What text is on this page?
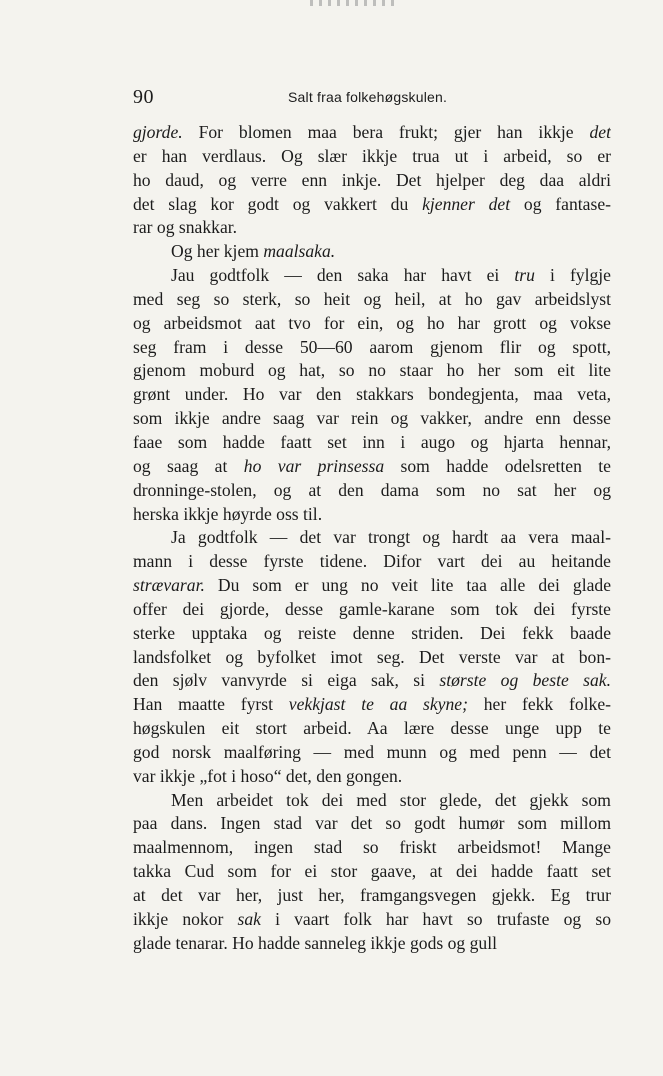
90	Salt fraa folkehøgskulen.
gjorde. For blomen maa bera frukt; gjer han ikkje det
er han verdlaus. Og slær ikkje trua ut i arbeid, so er
ho daud, og verre enn inkje. Det hjelper deg daa aldri
det slag kor godt og vakkert du kjenner det og fantase-
rar og snakkar.
Og her kjem maalsaka.
Jau godtfolk — den saka har havt ei tru i fylgje
med seg so sterk, so heit og heil, at ho gav arbeidslyst
og arbeidsmot aat tvo for ein, og ho har grott og vokse
seg fram i desse 50—60 aarom gjenom flir og spott,
gjenom moburd og hat, so no staar ho her som eit lite
grønt under. Ho var den stakkars bondegjenta, maa veta,
som ikkje andre saag var rein og vakker, andre enn desse
faae som hadde faatt set inn i augo og hjarta hennar,
og saag at ho var prinsessa som hadde odelsretten te
dronninge-stolen, og at den dama som no sat her og
herska ikkje høyrde oss til.
Ja godtfolk — det var trongt og hardt aa vera maal-
mann i desse fyrste tidene. Difor vart dei au heitande
strævarar. Du som er ung no veit lite taa alle dei glade
offer dei gjorde, desse gamle-karane som tok dei fyrste
sterke upptaka og reiste denne striden. Dei fekk baade
landsfolket og byfolket imot seg. Det verste var at bon-
den sjølv vanvyrde si eiga sak, si største og beste sak.
Han maatte fyrst vekkjast te aa skyne; her fekk folke-
høgskulen eit stort arbeid. Aa lære desse unge upp te
god norsk maalføring — med munn og med penn — det
var ikkje „fot i hoso“ det, den gongen.
Men arbeidet tok dei med stor glede, det gjekk som
paa dans. Ingen stad var det so godt humør som millom
maalmennom, ingen stad so friskt arbeidsmot! Mange
takka Cud som for ei stor gaave, at dei hadde faatt set
at det var her, just her, framgangsvegen gjekk. Eg trur
ikkje nokor sak i vaart folk har havt so trufaste og so
glade tenarar. Ho hadde sanneleg ikkje gods og gull
